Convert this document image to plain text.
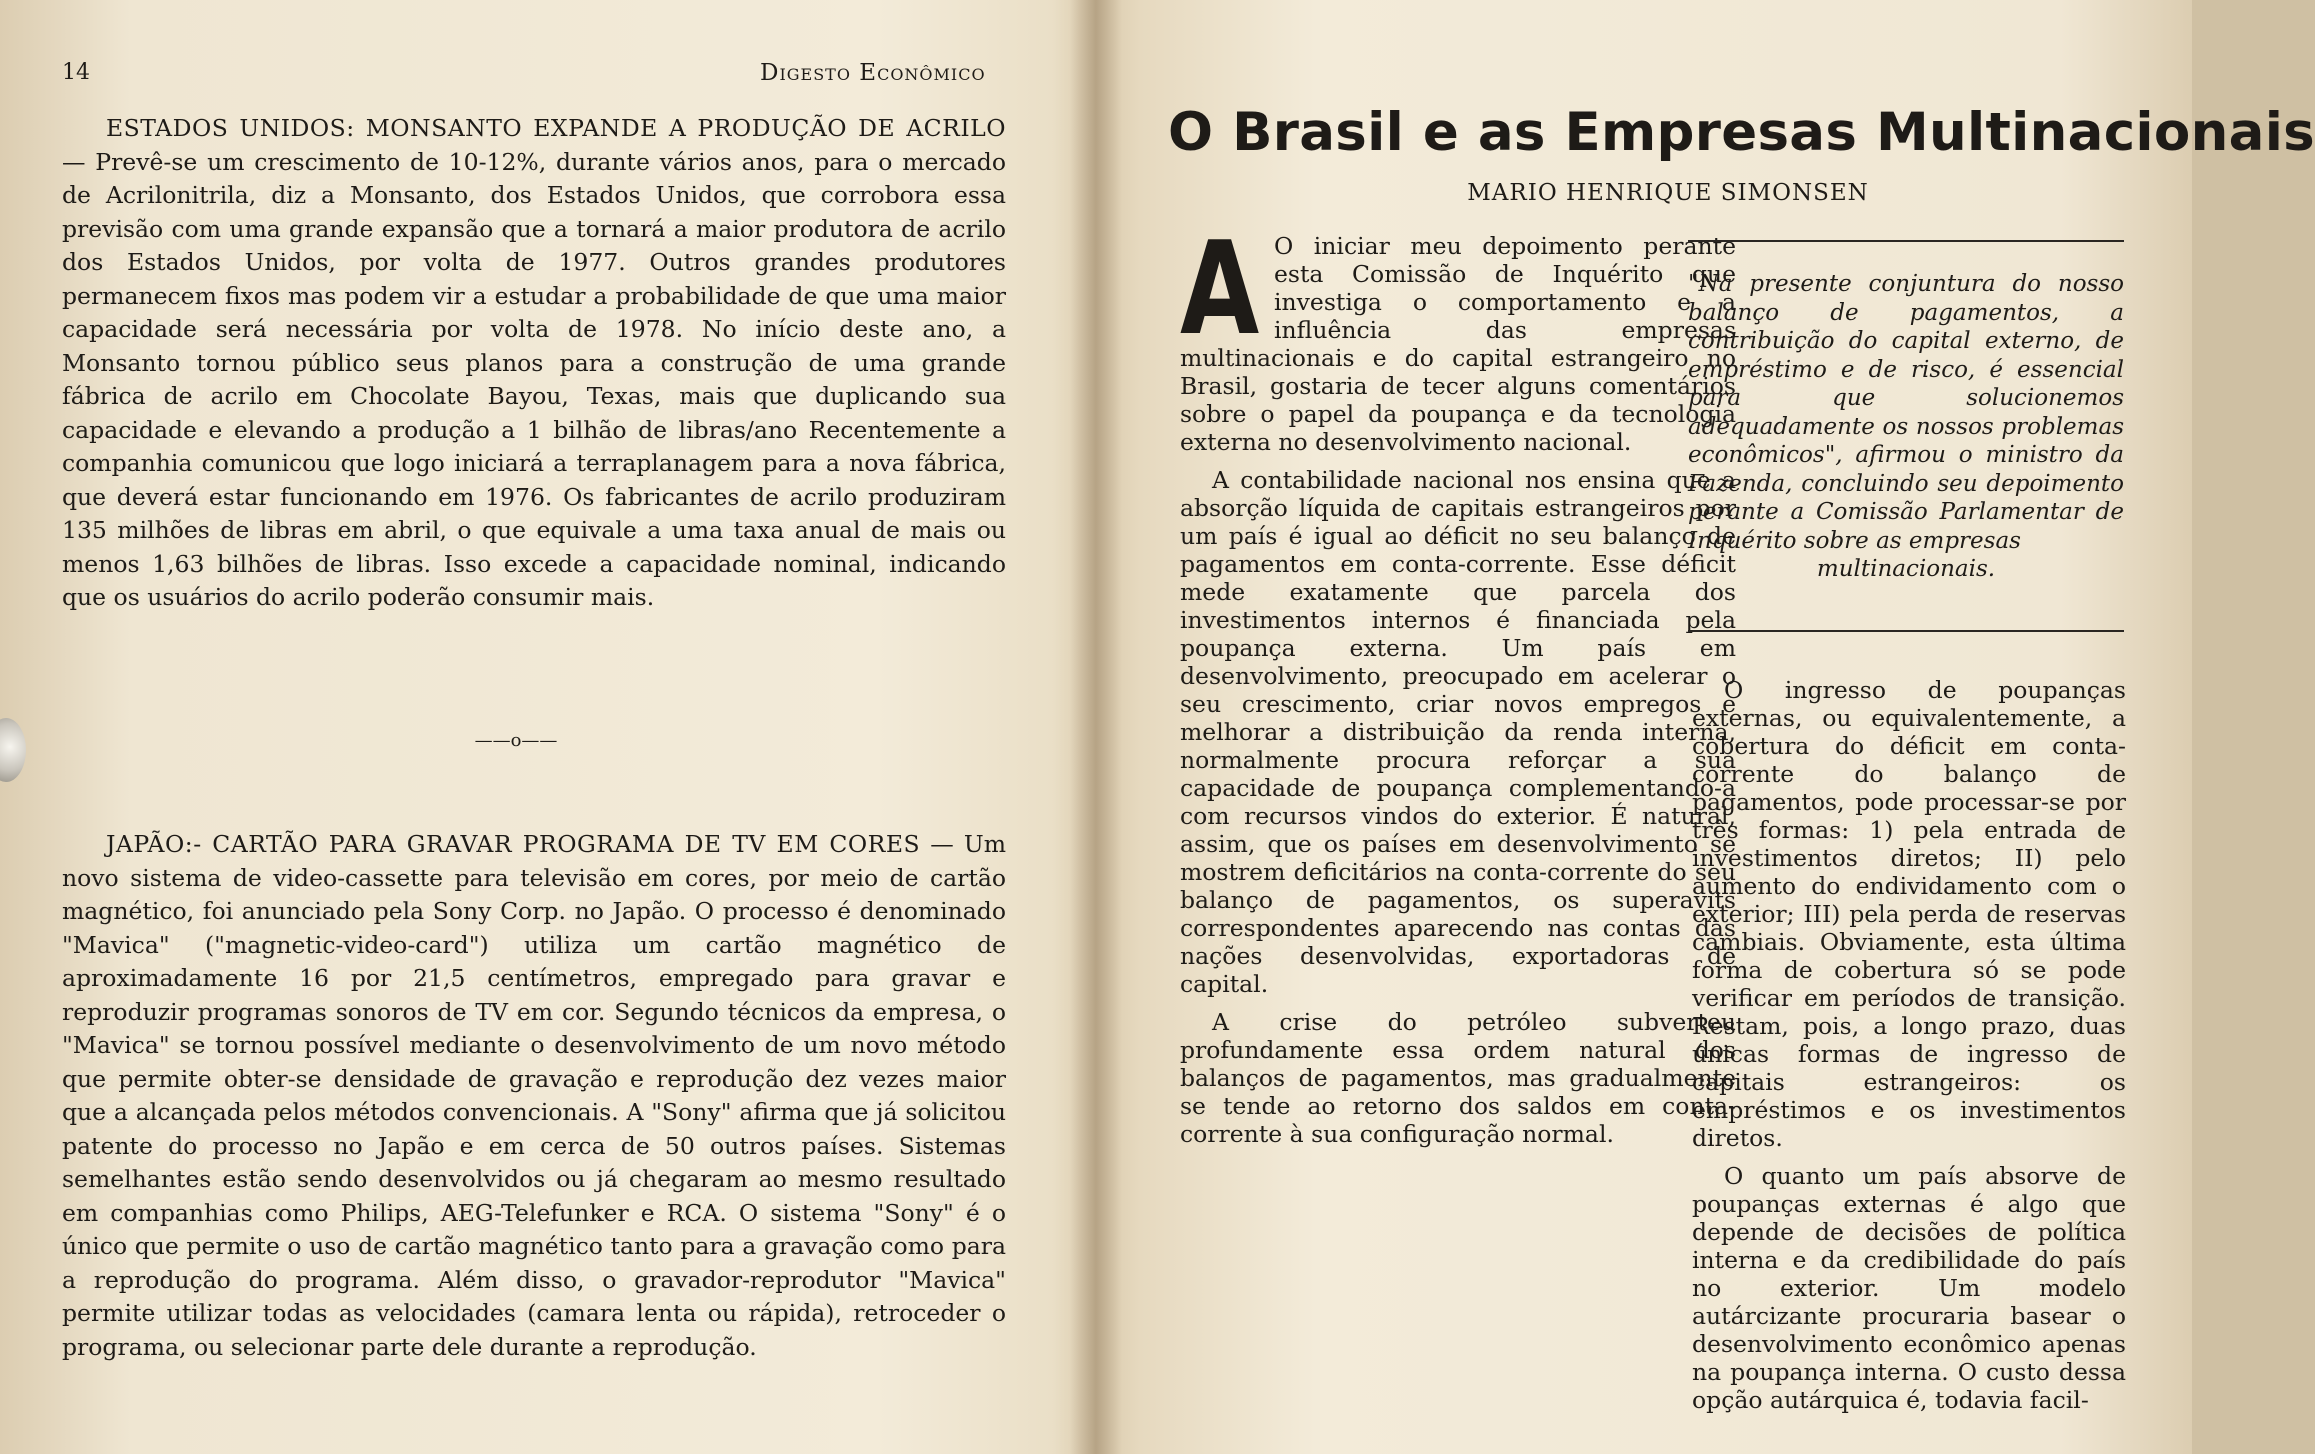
14	Digesto Econômico

ESTADOS UNIDOS: MONSANTO EXPANDE A PRODUÇÃO DE ACRILO — Prevê-se um crescimento de 10-12%, durante vários anos, para o mercado de Acrilonitrila, diz a Monsanto, dos Estados Unidos, que corrobora essa previsão com uma grande expansão que a tornará a maior produtora de acrilo dos Estados Unidos, por volta de 1977. Outros grandes produtores permanecem fixos mas podem vir a estudar a probabilidade de que uma maior capacidade será necessária por volta de 1978. No início deste ano, a Monsanto tornou público seus planos para a construção de uma grande fábrica de acrilo em Chocolate Bayou, Texas, mais que duplicando sua capacidade e elevando a produção a 1 bilhão de libras/ano Recentemente a companhia comunicou que logo iniciará a terraplanagem para a nova fábrica, que deverá estar funcionando em 1976. Os fabricantes de acrilo produziram 135 milhões de libras em abril, o que equivale a uma taxa anual de mais ou menos 1,63 bilhões de libras. Isso excede a capacidade nominal, indicando que os usuários do acrilo poderão consumir mais.

——o——

JAPÃO:- CARTÃO PARA GRAVAR PROGRAMA DE TV EM CORES — Um novo sistema de video-cassette para televisão em cores, por meio de cartão magnético, foi anunciado pela Sony Corp. no Japão. O processo é denominado "Mavica" ("magnetic-video-card") utiliza um cartão magnético de aproximadamente 16 por 21,5 centímetros, empregado para gravar e reproduzir programas sonoros de TV em cor. Segundo técnicos da empresa, o "Mavica" se tornou possível mediante o desenvolvimento de um novo método que permite obter-se densidade de gravação e reprodução dez vezes maior que a alcançada pelos métodos convencionais. A "Sony" afirma que já solicitou patente do processo no Japão e em cerca de 50 outros países. Sistemas semelhantes estão sendo desenvolvidos ou já chegaram ao mesmo resultado em companhias como Philips, AEG-Telefunker e RCA. O sistema "Sony" é o único que permite o uso de cartão magnético tanto para a gravação como para a reprodução do programa. Além disso, o gravador-reprodutor "Mavica" permite utilizar todas as velocidades (camara lenta ou rápida), retroceder o programa, ou selecionar parte dele durante a reprodução.

O Brasil e as Empresas Multinacionais
MARIO HENRIQUE SIMONSEN

A O iniciar meu depoimento perante esta Comissão de Inquérito que investiga o comportamento e a influência das empresas multinacionais e do capital estrangeiro no Brasil, gostaria de tecer alguns comentários sobre o papel da poupança e da tecnologia externa no desenvolvimento nacional.

A contabilidade nacional nos ensina que a absorção líquida de capitais estrangeiros por um país é igual ao déficit no seu balanço de pagamentos em conta-corrente. Esse déficit mede exatamente que parcela dos investimentos internos é financiada pela poupança externa. Um país em desenvolvimento, preocupado em acelerar o seu crescimento, criar novos empregos e melhorar a distribuição da renda interna, normalmente procura reforçar a sua capacidade de poupança complementando-a com recursos vindos do exterior. É natural, assim, que os países em desenvolvimento se mostrem deficitários na conta-corrente do seu balanço de pagamentos, os superavits correspondentes aparecendo nas contas das nações desenvolvidas, exportadoras de capital.

A crise do petróleo subverteu profundamente essa ordem natural dos balanços de pagamentos, mas gradualmente se tende ao retorno dos saldos em conta-corrente à sua configuração normal.

"Na presente conjuntura do nosso balanço de pagamentos, a contribuição do capital externo, de empréstimo e de risco, é essencial para que solucionemos adequadamente os nossos problemas econômicos", afirmou o ministro da Fazenda, concluindo seu depoimento perante a Comissão Parlamentar de Inquérito sobre as empresas
multinacionais.

O ingresso de poupanças externas, ou equivalentemente, a cobertura do déficit em conta-corrente do balanço de pagamentos, pode processar-se por três formas: 1) pela entrada de investimentos diretos; II) pelo aumento do endividamento com o exterior; III) pela perda de reservas cambiais. Obviamente, esta última forma de cobertura só se pode verificar em períodos de transição. Restam, pois, a longo prazo, duas únicas formas de ingresso de capitais estrangeiros: os empréstimos e os investimentos diretos.

O quanto um país absorve de poupanças externas é algo que depende de decisões de política interna e da credibilidade do país no exterior. Um modelo autárcizante procuraria basear o desenvolvimento econômico apenas na poupança interna. O custo dessa opção autárquica é, todavia facil-
